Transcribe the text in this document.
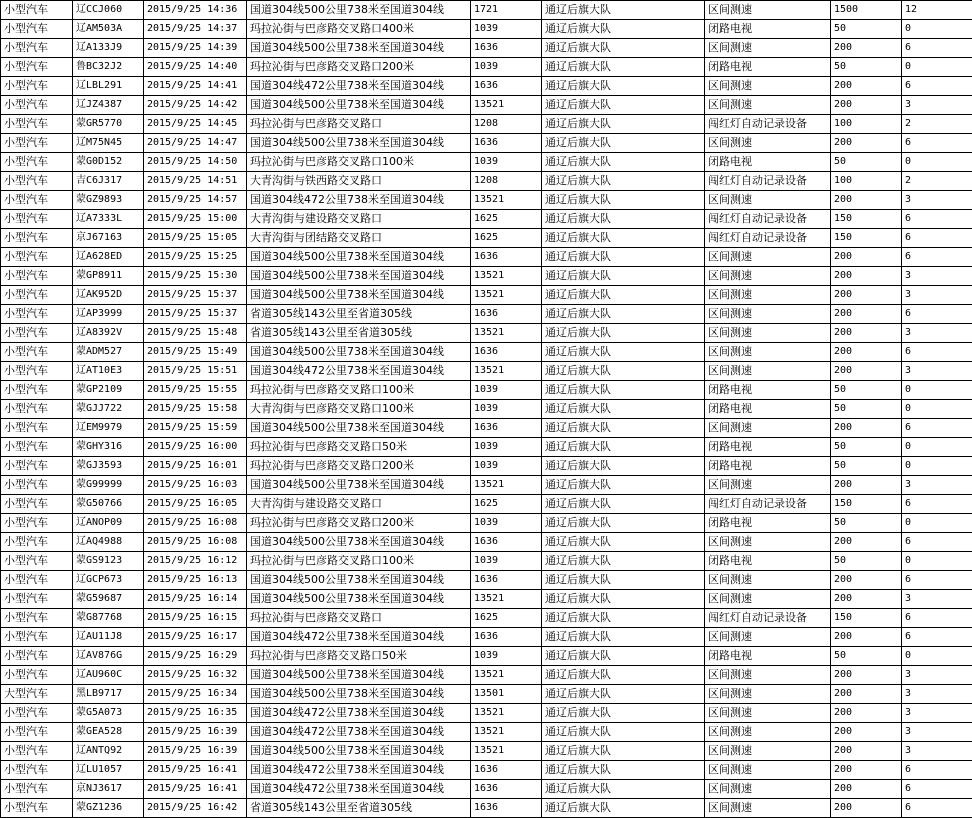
小型汽车	辽CCJ060	2015/9/25 14:36	国道304线500公里738米至国道304线	1721	通辽后旗大队	区间测速	1500	12
小型汽车	辽AM503A	2015/9/25 14:37	玛拉沁街与巴彦路交叉路口400米	1039	通辽后旗大队	闭路电视	50	0
小型汽车	辽A133J9	2015/9/25 14:39	国道304线500公里738米至国道304线	1636	通辽后旗大队	区间测速	200	6
小型汽车	鲁BC32J2	2015/9/25 14:40	玛拉沁街与巴彦路交叉路口200米	1039	通辽后旗大队	闭路电视	50	0
小型汽车	辽LBL291	2015/9/25 14:41	国道304线472公里738米至国道304线	1636	通辽后旗大队	区间测速	200	6
小型汽车	辽JZ4387	2015/9/25 14:42	国道304线500公里738米至国道304线	13521	通辽后旗大队	区间测速	200	3
小型汽车	蒙GR5770	2015/9/25 14:45	玛拉沁街与巴彦路交叉路口	1208	通辽后旗大队	闯红灯自动记录设备	100	2
小型汽车	辽M75N45	2015/9/25 14:47	国道304线500公里738米至国道304线	1636	通辽后旗大队	区间测速	200	6
小型汽车	蒙G0D152	2015/9/25 14:50	玛拉沁街与巴彦路交叉路口100米	1039	通辽后旗大队	闭路电视	50	0
小型汽车	吉C6J317	2015/9/25 14:51	大青沟街与铁西路交叉路口	1208	通辽后旗大队	闯红灯自动记录设备	100	2
小型汽车	蒙GZ9893	2015/9/25 14:57	国道304线472公里738米至国道304线	13521	通辽后旗大队	区间测速	200	3
小型汽车	辽A7333L	2015/9/25 15:00	大青沟街与建设路交叉路口	1625	通辽后旗大队	闯红灯自动记录设备	150	6
小型汽车	京J67163	2015/9/25 15:05	大青沟街与团结路交叉路口	1625	通辽后旗大队	闯红灯自动记录设备	150	6
小型汽车	辽A628ED	2015/9/25 15:25	国道304线500公里738米至国道304线	1636	通辽后旗大队	区间测速	200	6
小型汽车	蒙GP8911	2015/9/25 15:30	国道304线500公里738米至国道304线	13521	通辽后旗大队	区间测速	200	3
小型汽车	辽AK952D	2015/9/25 15:37	国道304线500公里738米至国道304线	13521	通辽后旗大队	区间测速	200	3
小型汽车	辽AP3999	2015/9/25 15:37	省道305线143公里至省道305线	1636	通辽后旗大队	区间测速	200	6
小型汽车	辽A8392V	2015/9/25 15:48	省道305线143公里至省道305线	13521	通辽后旗大队	区间测速	200	3
小型汽车	蒙ADM527	2015/9/25 15:49	国道304线500公里738米至国道304线	1636	通辽后旗大队	区间测速	200	6
小型汽车	辽AT10E3	2015/9/25 15:51	国道304线472公里738米至国道304线	13521	通辽后旗大队	区间测速	200	3
小型汽车	蒙GP2109	2015/9/25 15:55	玛拉沁街与巴彦路交叉路口100米	1039	通辽后旗大队	闭路电视	50	0
小型汽车	蒙GJJ722	2015/9/25 15:58	大青沟街与巴彦路交叉路口100米	1039	通辽后旗大队	闭路电视	50	0
小型汽车	辽EM9979	2015/9/25 15:59	国道304线500公里738米至国道304线	1636	通辽后旗大队	区间测速	200	6
小型汽车	蒙GHY316	2015/9/25 16:00	玛拉沁街与巴彦路交叉路口50米	1039	通辽后旗大队	闭路电视	50	0
小型汽车	蒙GJ3593	2015/9/25 16:01	玛拉沁街与巴彦路交叉路口200米	1039	通辽后旗大队	闭路电视	50	0
小型汽车	蒙G99999	2015/9/25 16:03	国道304线500公里738米至国道304线	13521	通辽后旗大队	区间测速	200	3
小型汽车	蒙G50766	2015/9/25 16:05	大青沟街与建设路交叉路口	1625	通辽后旗大队	闯红灯自动记录设备	150	6
小型汽车	辽ANOP09	2015/9/25 16:08	玛拉沁街与巴彦路交叉路口200米	1039	通辽后旗大队	闭路电视	50	0
小型汽车	辽AQ4988	2015/9/25 16:08	国道304线500公里738米至国道304线	1636	通辽后旗大队	区间测速	200	6
小型汽车	蒙GS9123	2015/9/25 16:12	玛拉沁街与巴彦路交叉路口100米	1039	通辽后旗大队	闭路电视	50	0
小型汽车	辽GCP673	2015/9/25 16:13	国道304线500公里738米至国道304线	1636	通辽后旗大队	区间测速	200	6
小型汽车	蒙G59687	2015/9/25 16:14	国道304线500公里738米至国道304线	13521	通辽后旗大队	区间测速	200	3
小型汽车	蒙G87768	2015/9/25 16:15	玛拉沁街与巴彦路交叉路口	1625	通辽后旗大队	闯红灯自动记录设备	150	6
小型汽车	辽AU11J8	2015/9/25 16:17	国道304线472公里738米至国道304线	1636	通辽后旗大队	区间测速	200	6
小型汽车	辽AV876G	2015/9/25 16:29	玛拉沁街与巴彦路交叉路口50米	1039	通辽后旗大队	闭路电视	50	0
小型汽车	辽AU960C	2015/9/25 16:32	国道304线500公里738米至国道304线	13521	通辽后旗大队	区间测速	200	3
大型汽车	黑LB9717	2015/9/25 16:34	国道304线500公里738米至国道304线	13501	通辽后旗大队	区间测速	200	3
小型汽车	蒙G5A073	2015/9/25 16:35	国道304线472公里738米至国道304线	13521	通辽后旗大队	区间测速	200	3
小型汽车	蒙GEA528	2015/9/25 16:39	国道304线472公里738米至国道304线	13521	通辽后旗大队	区间测速	200	3
小型汽车	辽ANTQ92	2015/9/25 16:39	国道304线500公里738米至国道304线	13521	通辽后旗大队	区间测速	200	3
小型汽车	辽LU1057	2015/9/25 16:41	国道304线472公里738米至国道304线	1636	通辽后旗大队	区间测速	200	6
小型汽车	京NJ3617	2015/9/25 16:41	国道304线472公里738米至国道304线	1636	通辽后旗大队	区间测速	200	6
小型汽车	蒙GZ1236	2015/9/25 16:42	省道305线143公里至省道305线	1636	通辽后旗大队	区间测速	200	6
